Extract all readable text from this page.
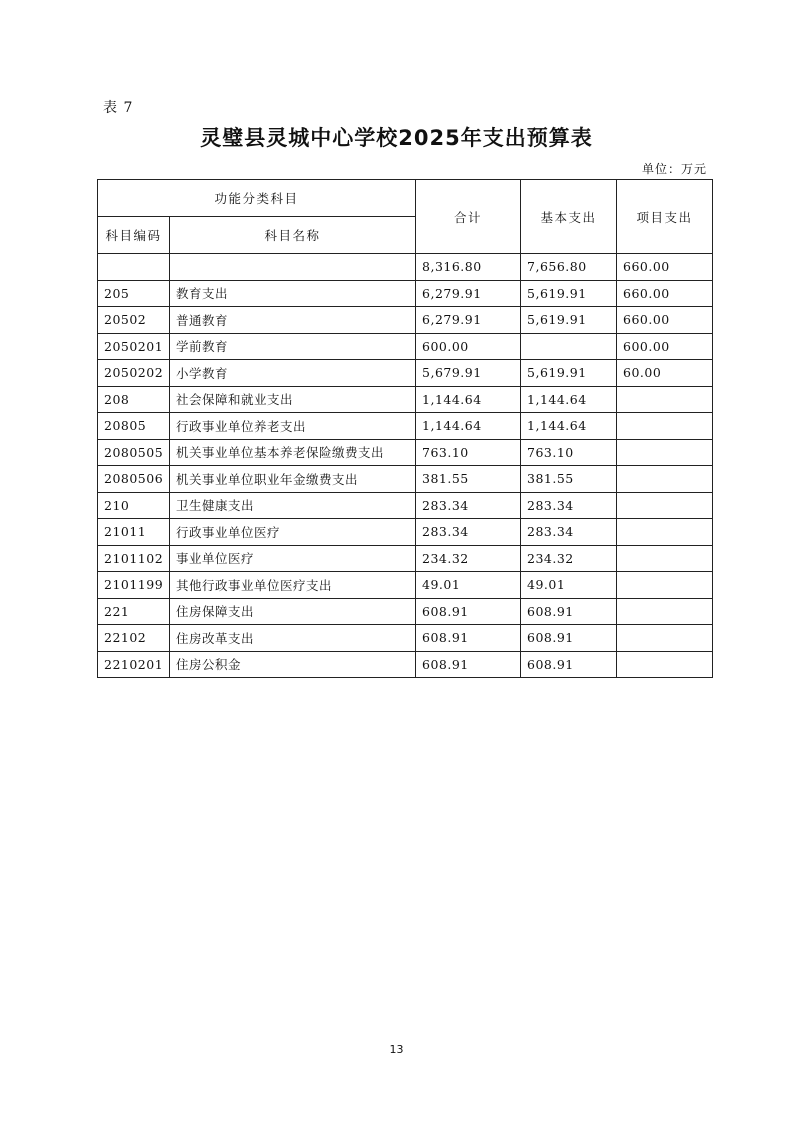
表 7
灵璧县灵城中心学校2025年支出预算表
单位：万元
功能分类科目		合计	基本支出	项目支出
科目编码	科目名称			
		8,316.80	7,656.80	660.00
205	教育支出	6,279.91	5,619.91	660.00
20502	普通教育	6,279.91	5,619.91	660.00
2050201	学前教育	600.00		600.00
2050202	小学教育	5,679.91	5,619.91	60.00
208	社会保障和就业支出	1,144.64	1,144.64	
20805	行政事业单位养老支出	1,144.64	1,144.64	
2080505	机关事业单位基本养老保险缴费支出	763.10	763.10	
2080506	机关事业单位职业年金缴费支出	381.55	381.55	
210	卫生健康支出	283.34	283.34	
21011	行政事业单位医疗	283.34	283.34	
2101102	事业单位医疗	234.32	234.32	
2101199	其他行政事业单位医疗支出	49.01	49.01	
221	住房保障支出	608.91	608.91	
22102	住房改革支出	608.91	608.91	
2210201	住房公积金	608.91	608.91	
13
